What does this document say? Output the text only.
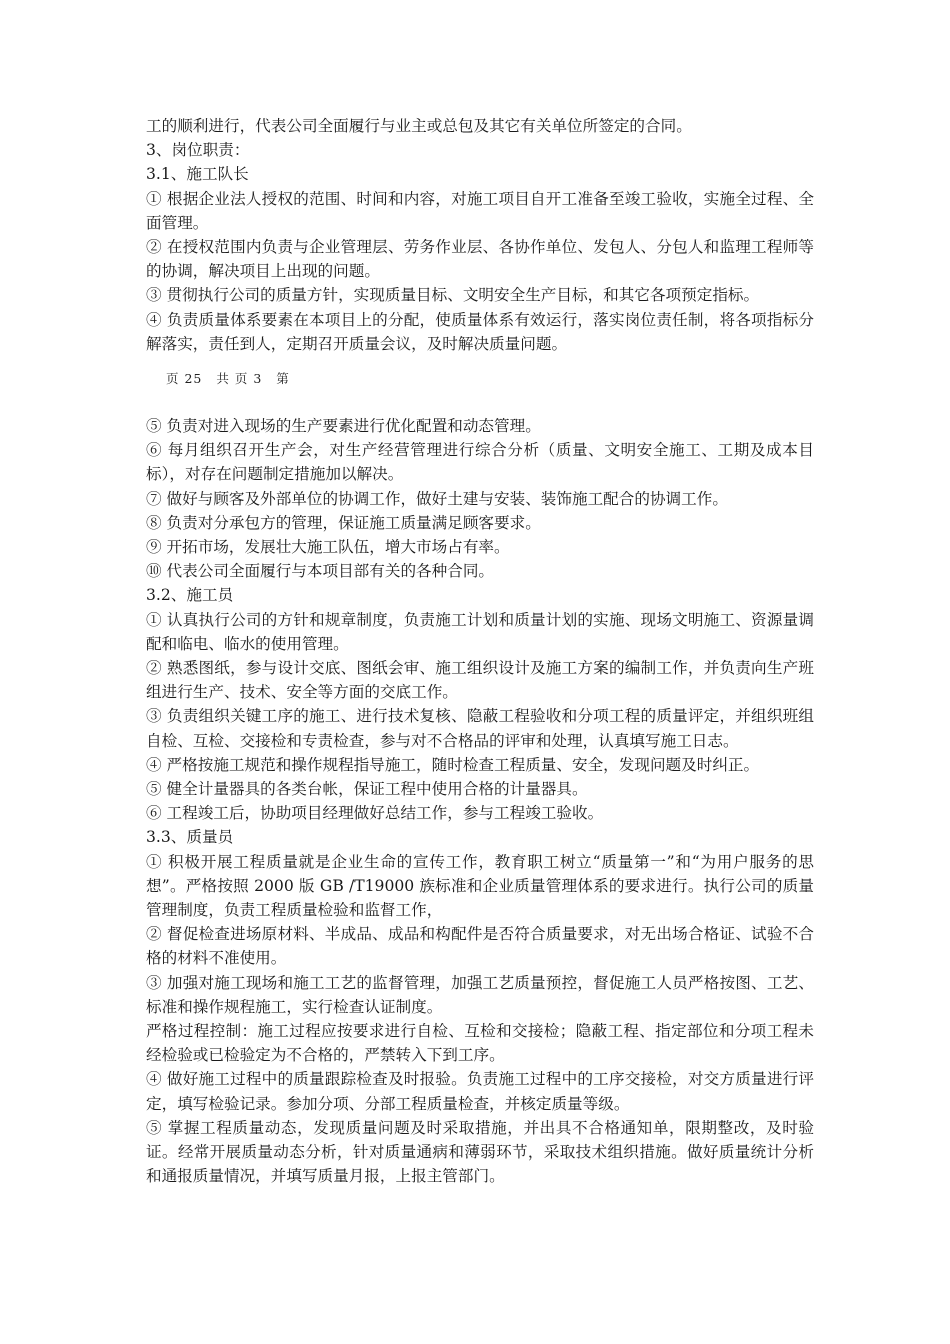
工的顺利进行，代表公司全面履行与业主或总包及其它有关单位所签定的合同。

3、岗位职责：

3.1、施工队长

① 根据企业法人授权的范围、时间和内容，对施工项目自开工准备至竣工验收，实施全过程、全面管理。

② 在授权范围内负责与企业管理层、劳务作业层、各协作单位、发包人、分包人和监理工程师等的协调，解决项目上出现的问题。

③ 贯彻执行公司的质量方针，实现质量目标、文明安全生产目标，和其它各项预定指标。

④ 负责质量体系要素在本项目上的分配，使质量体系有效运行，落实岗位责任制，将各项指标分解落实，责任到人，定期召开质量会议，及时解决质量问题。

页 25 共 页 3 第

⑤ 负责对进入现场的生产要素进行优化配置和动态管理。

⑥ 每月组织召开生产会，对生产经营管理进行综合分析（质量、文明安全施工、工期及成本目标），对存在问题制定措施加以解决。

⑦ 做好与顾客及外部单位的协调工作，做好土建与安装、装饰施工配合的协调工作。

⑧ 负责对分承包方的管理，保证施工质量满足顾客要求。

⑨ 开拓市场，发展壮大施工队伍，增大市场占有率。

⑩ 代表公司全面履行与本项目部有关的各种合同。

3.2、施工员

① 认真执行公司的方针和规章制度，负责施工计划和质量计划的实施、现场文明施工、资源量调配和临电、临水的使用管理。

② 熟悉图纸，参与设计交底、图纸会审、施工组织设计及施工方案的编制工作，并负责向生产班组进行生产、技术、安全等方面的交底工作。

③ 负责组织关键工序的施工、进行技术复核、隐蔽工程验收和分项工程的质量评定，并组织班组自检、互检、交接检和专责检查，参与对不合格品的评审和处理，认真填写施工日志。

④ 严格按施工规范和操作规程指导施工，随时检查工程质量、安全，发现问题及时纠正。

⑤ 健全计量器具的各类台帐，保证工程中使用合格的计量器具。

⑥ 工程竣工后，协助项目经理做好总结工作，参与工程竣工验收。

3.3、质量员

① 积极开展工程质量就是企业生命的宣传工作，教育职工树立“质量第一”和“为用户服务的思想”。严格按照 2000 版 GB /T19000 族标准和企业质量管理体系的要求进行。执行公司的质量管理制度，负责工程质量检验和监督工作，

② 督促检查进场原材料、半成品、成品和构配件是否符合质量要求，对无出场合格证、试验不合格的材料不准使用。

③ 加强对施工现场和施工工艺的监督管理，加强工艺质量预控，督促施工人员严格按图、工艺、标准和操作规程施工，实行检查认证制度。

严格过程控制：施工过程应按要求进行自检、互检和交接检；隐蔽工程、指定部位和分项工程未经检验或已检验定为不合格的，严禁转入下到工序。

④ 做好施工过程中的质量跟踪检查及时报验。负责施工过程中的工序交接检，对交方质量进行评定，填写检验记录。参加分项、分部工程质量检查，并核定质量等级。

⑤ 掌握工程质量动态，发现质量问题及时采取措施，并出具不合格通知单，限期整改，及时验证。经常开展质量动态分析，针对质量通病和薄弱环节，采取技术组织措施。做好质量统计分析和通报质量情况，并填写质量月报，上报主管部门。
